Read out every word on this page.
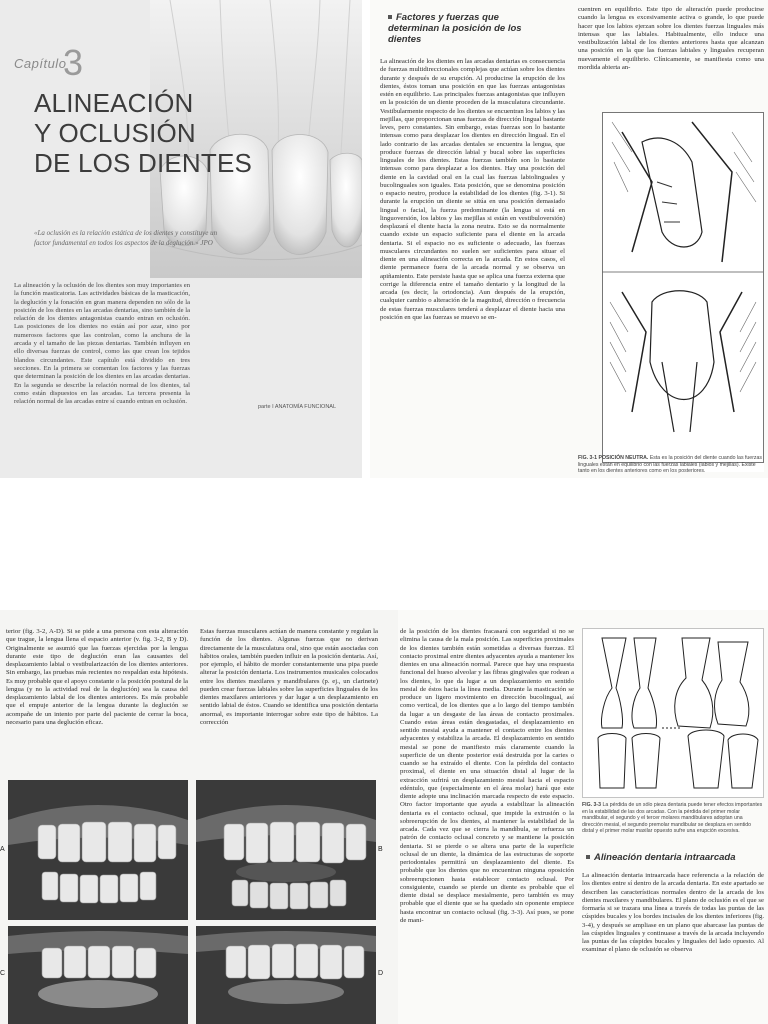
Capítulo
3
ALINEACIÓN
Y OCLUSIÓN
DE LOS DIENTES
«La oclusión es la relación estática de los dientes y constituye un factor fundamental en todos los aspectos de la deglución.» JPO
La alineación y la oclusión de los dientes son muy importantes en la función masticatoria. Las actividades básicas de la masticación, la deglución y la fonación en gran manera dependen no sólo de la posición de los dientes en las arcadas dentarias, sino también de la relación de los dientes antagonistas cuando entran en oclusión. Las posiciones de los dientes no están así por azar, sino por numerosos factores que las controlan, como la anchura de la arcada y el tamaño de las piezas dentarias. También influyen en ello diversas fuerzas de control, como las que crean los tejidos blandos circundantes. Este capítulo está dividido en tres secciones. En la primera se comentan los factores y las fuerzas que determinan la posición de los dientes en las arcadas dentarias. En la segunda se describe la relación normal de los dientes, tal como están dispuestos en las arcadas. La tercera presenta la relación normal de las arcadas entre sí cuando entran en oclusión.
parte I ANATOMÍA FUNCIONAL
Factores y fuerzas que determinan la posición de los dientes
La alineación de los dientes en las arcadas dentarias es consecuencia de fuerzas multidireccionales complejas que actúan sobre los dientes durante y después de su erupción. Al producirse la erupción de los dientes, éstos toman una posición en que las fuerzas antagonistas estén en equilibrio. Las principales fuerzas antagonistas que influyen en la posición de un diente proceden de la musculatura circundante. Vestibularmente respecto de los dientes se encuentran los labios y las mejillas, que proporcionan unas fuerzas de dirección lingual bastante leves, pero constantes. Sin embargo, estas fuerzas son lo bastante intensas como para desplazar los dientes en dirección lingual. En el lado contrario de las arcadas dentales se encuentra la lengua, que produce fuerzas de dirección labial y bucal sobre las superficies linguales de los dientes. Estas fuerzas también son lo bastante intensas como para desplazar a los dientes. Hay una posición del diente en la cavidad oral en la cual las fuerzas labiolinguales y bucolinguales son iguales. Esta posición, que se denomina posición o espacio neutro, produce la estabilidad de los dientes (fig. 3-1). Si durante la erupción un diente se sitúa en una posición demasiado lingual o facial, la fuerza predominante (la lengua si está en linguoversión, los labios y las mejillas si están en vestibuloversión) desplazará el diente hacia la zona neutra. Esto se da normalmente cuando existe un espacio suficiente para el diente en la arcada dentaria. Si el espacio no es suficiente o adecuado, las fuerzas musculares circundantes no suelen ser suficientes para situar el diente en una alineación correcta en la arcada. En estos casos, el diente permanece fuera de la arcada normal y se observa un apiñamiento. Este persiste hasta que se aplica una fuerza externa que corrige la diferencia entre el tamaño dentario y la longitud de la arcada (es decir, la ortodoncia). Aun después de la erupción, cualquier cambio o alteración de la magnitud, dirección o frecuencia de estas fuerzas musculares tenderá a desplazar el diente hacia una posición en que las fuerzas se muevo se en-
cuentren en equilibrio. Este tipo de alteración puede producirse cuando la lengua es excesivamente activa o grande, lo que puede hacer que los labios ejerzan sobre los dientes fuerzas linguales más intensas que las labiales. Habitualmente, ello induce una vestibulización labial de los dientes anteriores hasta que alcanzan una posición en la que las fuerzas labiales y linguales recuperan nuevamente el equilibrio. Clínicamente, se manifiesta como una mordida abierta an-
FIG. 3-1 POSICIÓN NEUTRA. Esta es la posición del diente cuando las fuerzas linguales están en equilibrio con las fuerzas labiales (labios y mejillas). Existe tanto en los dientes anteriores como en los posteriores.
terior (fig. 3-2, A-D). Si se pide a una persona con esta alteración que trague, la lengua llena el espacio anterior (v. fig. 3-2, B y D). Originalmente se asumió que las fuerzas ejercidas por la lengua durante este tipo de deglución eran las causantes del desplazamiento labial o vestibularización de los dientes anteriores. Sin embargo, las pruebas más recientes no respaldan esta hipótesis. Es muy probable que el apoyo constante o la posición postural de la lengua (y no la actividad real de la deglución) sea la causa del desplazamiento labial de los dientes anteriores. Es más probable que el empuje anterior de la lengua durante la deglución se acompañe de un intento por parte del paciente de cerrar la boca, necesario para una deglución eficaz.
Estas fuerzas musculares actúan de manera constante y regulan la función de los dientes. Algunas fuerzas que no derivan directamente de la musculatura oral, sino que están asociadas con hábitos orales, también pueden influir en la posición dentaria. Así, por ejemplo, el hábito de morder constantemente una pipa puede alterar la posición dentaria. Los instrumentos musicales colocados entre los dientes maxilares y mandibulares (p. ej., un clarinete) pueden crear fuerzas labiales sobre las superficies linguales de los dientes maxilares anteriores y dar lugar a un desplazamiento en sentido labial de éstos. Cuando se identifica una posición dentaria anormal, es importante interrogar sobre este tipo de hábitos. La corrección
A	B
C	D
de la posición de los dientes fracasará con seguridad si no se elimina la causa de la mala posición. Las superficies proximales de los dientes también están sometidas a diversas fuerzas. El contacto proximal entre dientes adyacentes ayuda a mantener los dientes en una alineación normal. Parece que hay una respuesta funcional del hueso alveolar y las fibras gingivales que rodean a los dientes, lo que da lugar a un desplazamiento en sentido mesial de éstos hacia la línea media. Durante la masticación se produce un ligero movimiento en dirección bucolingual, así como vertical, de los dientes que a lo largo del tiempo también da lugar a un desgaste de las áreas de contacto proximales. Cuando estas áreas están desgastadas, el desplazamiento en sentido mesial ayuda a mantener el contacto entre los dientes adyacentes y estabiliza la arcada. El desplazamiento en sentido mesial se pone de manifiesto más claramente cuando la superficie de un diente posterior está destruida por la caries o cuando se ha extraído el diente. Con la pérdida del contacto proximal, el diente en una situación distal al lugar de la extracción sufrirá un desplazamiento mesial hacia el espacio edéntulo, que (especialmente en el área molar) hará que este diente adopte una inclinación marcada respecto de este espacio. Otro factor importante que ayuda a estabilizar la alineación dentaria es el contacto oclusal, que impide la extrusión o la sobreerupción de los dientes, al mantener la estabilidad de la arcada. Cada vez que se cierra la mandíbula, se refuerza un patrón de contacto oclusal concreto y se mantiene la posición dentaria. Si se pierde o se altera una parte de la superficie oclusal de un diente, la dinámica de las estructuras de soporte periodontales permitirá un desplazamiento del diente. Es probable que los dientes que no encuentran ninguna oposición sobreerupcionen hasta establecer contacto oclusal. Por consiguiente, cuando se pierde un diente es probable que el diente distal se desplace mesialmente, pero también es muy probable que el diente que se ha quedado sin oponente empiece hasta encontrar un contacto oclusal (fig. 3-3). Así pues, se pone de mani-
FIG. 3-3 La pérdida de un sólo pieza dentaria puede tener efectos importantes en la estabilidad de las dos arcadas. Con la pérdida del primer molar mandibular, el segundo y el tercer molares mandibulares adoptan una dirección mesial, el segundo premolar mandibular se desplaza en sentido distal y el primer molar maxilar opuesto sufre una erupción excesiva.
Alineación dentaria intraarcada
La alineación dentaria intraarcada hace referencia a la relación de los dientes entre sí dentro de la arcada dentaria. En este apartado se describen las características normales dentro de la arcada de los dientes maxilares y mandibulares. El plano de oclusión es el que se formaría si se trazara una línea a través de todas las puntas de las cúspides bucales y los bordes incisales de los dientes inferiores (fig. 3-4), y después se ampliase en un plano que abarcase las puntas de las cúspides linguales y continuase a través de la arcada incluyendo las puntas de las cúspides bucales y linguales del lado opuesto. Al examinar el plano de oclusión se observa
